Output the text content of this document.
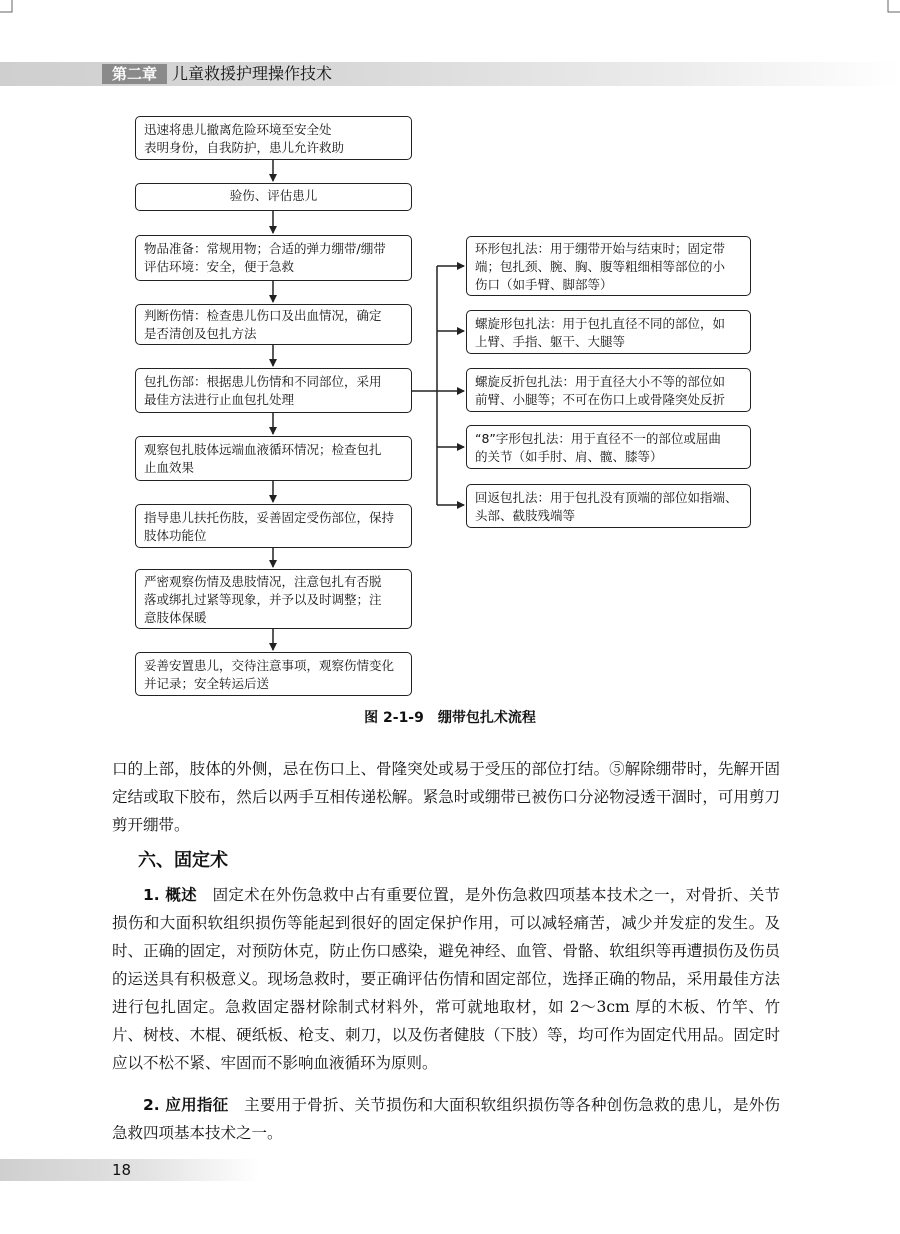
第二章 儿童救援护理操作技术
迅速将患儿撤离危险环境至安全处
表明身份，自我防护，患儿允许救助
验伤、评估患儿
物品准备：常规用物；合适的弹力绷带/绷带
评估环境：安全，便于急救
判断伤情：检查患儿伤口及出血情况，确定
是否清创及包扎方法
包扎伤部：根据患儿伤情和不同部位，采用
最佳方法进行止血包扎处理
观察包扎肢体远端血液循环情况；检查包扎
止血效果
指导患儿扶托伤肢，妥善固定受伤部位，保持
肢体功能位
严密观察伤情及患肢情况，注意包扎有否脱
落或绑扎过紧等现象，并予以及时调整；注
意肢体保暖
妥善安置患儿，交待注意事项，观察伤情变化
并记录；安全转运后送
环形包扎法：用于绷带开始与结束时；固定带
端；包扎颈、腕、胸、腹等粗细相等部位的小
伤口（如手臂、脚部等）
螺旋形包扎法：用于包扎直径不同的部位，如
上臂、手指、躯干、大腿等
螺旋反折包扎法：用于直径大小不等的部位如
前臂、小腿等；不可在伤口上或骨隆突处反折
“8”字形包扎法：用于直径不一的部位或屈曲
的关节（如手肘、肩、髋、膝等）
回返包扎法：用于包扎没有顶端的部位如指端、
头部、截肢残端等
图 2-1-9　绷带包扎术流程

口的上部，肢体的外侧，忌在伤口上、骨隆突处或易于受压的部位打结。⑤解除绷带时，先解开固定结或取下胶布，然后以两手互相传递松解。紧急时或绷带已被伤口分泌物浸透干涸时，可用剪刀剪开绷带。

六、固定术

1. 概述  固定术在外伤急救中占有重要位置，是外伤急救四项基本技术之一，对骨折、关节损伤和大面积软组织损伤等能起到很好的固定保护作用，可以减轻痛苦，减少并发症的发生。及时、正确的固定，对预防休克，防止伤口感染，避免神经、血管、骨骼、软组织等再遭损伤及伤员的运送具有积极意义。现场急救时，要正确评估伤情和固定部位，选择正确的物品，采用最佳方法进行包扎固定。急救固定器材除制式材料外，常可就地取材，如 2～3cm 厚的木板、竹竿、竹片、树枝、木棍、硬纸板、枪支、刺刀，以及伤者健肢（下肢）等，均可作为固定代用品。固定时应以不松不紧、牢固而不影响血液循环为原则。

2. 应用指征  主要用于骨折、关节损伤和大面积软组织损伤等各种创伤急救的患儿，是外伤急救四项基本技术之一。

18
